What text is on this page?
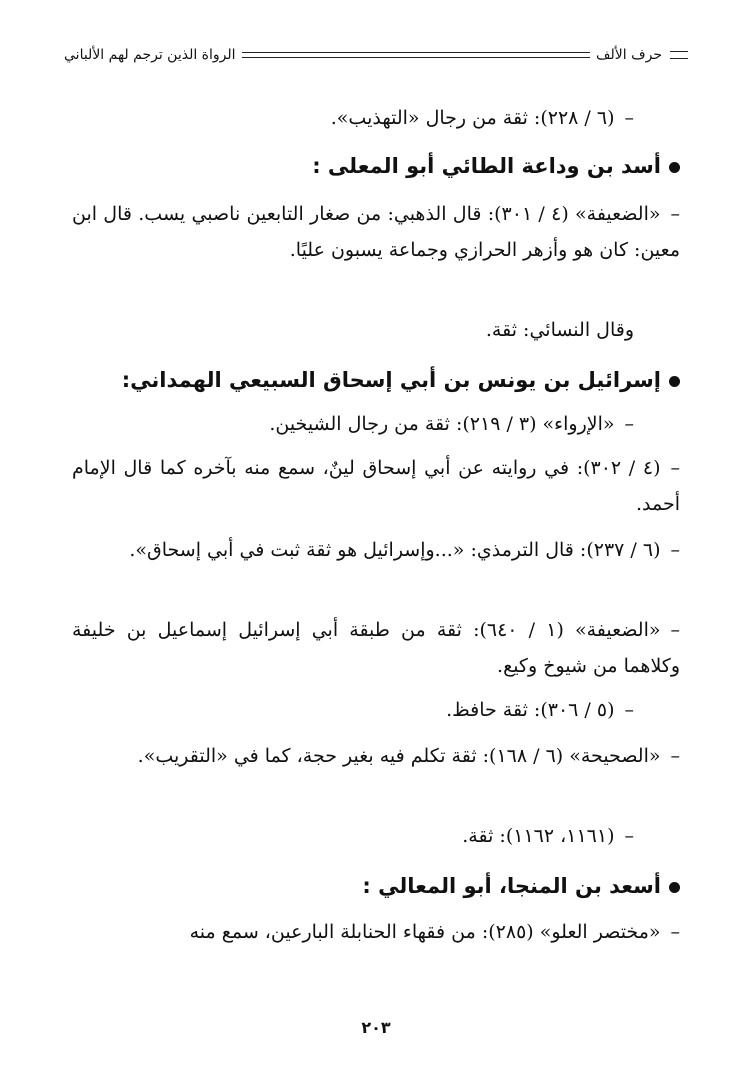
حرف الألف
الرواة الذين ترجم لهم الألباني
–(٦ / ٢٢٨): ثقة من رجال «التهذيب».
أسد بن وداعة الطائي أبو المعلى :
–«الضعيفة» (٤ / ٣٠١): قال الذهبي: من صغار التابعين ناصبي يسب. قال ابن معين: كان هو وأزهر الحرازي وجماعة يسبون عليًا.
وقال النسائي: ثقة.
إسرائيل بن يونس بن أبي إسحاق السبيعي الهمداني:
–«الإرواء» (٣ / ٢١٩): ثقة من رجال الشيخين.
–(٤ / ٣٠٢): في روايته عن أبي إسحاق لينٌ، سمع منه بآخره كما قال الإمام أحمد.
–(٦ / ٢٣٧): قال الترمذي: «...وإسرائيل هو ثقة ثبت في أبي إسحاق».
–«الضعيفة» (١ / ٦٤٠): ثقة من طبقة أبي إسرائيل إسماعيل بن خليفة وكلاهما من شيوخ وكيع.
–(٥ / ٣٠٦): ثقة حافظ.
–«الصحيحة» (٦ / ١٦٨): ثقة تكلم فيه بغير حجة، كما في «التقريب».
–(١١٦١، ١١٦٢): ثقة.
أسعد بن المنجا، أبو المعالي :
–«مختصر العلو» (٢٨٥): من فقهاء الحنابلة البارعين، سمع منه
٢٠٣
